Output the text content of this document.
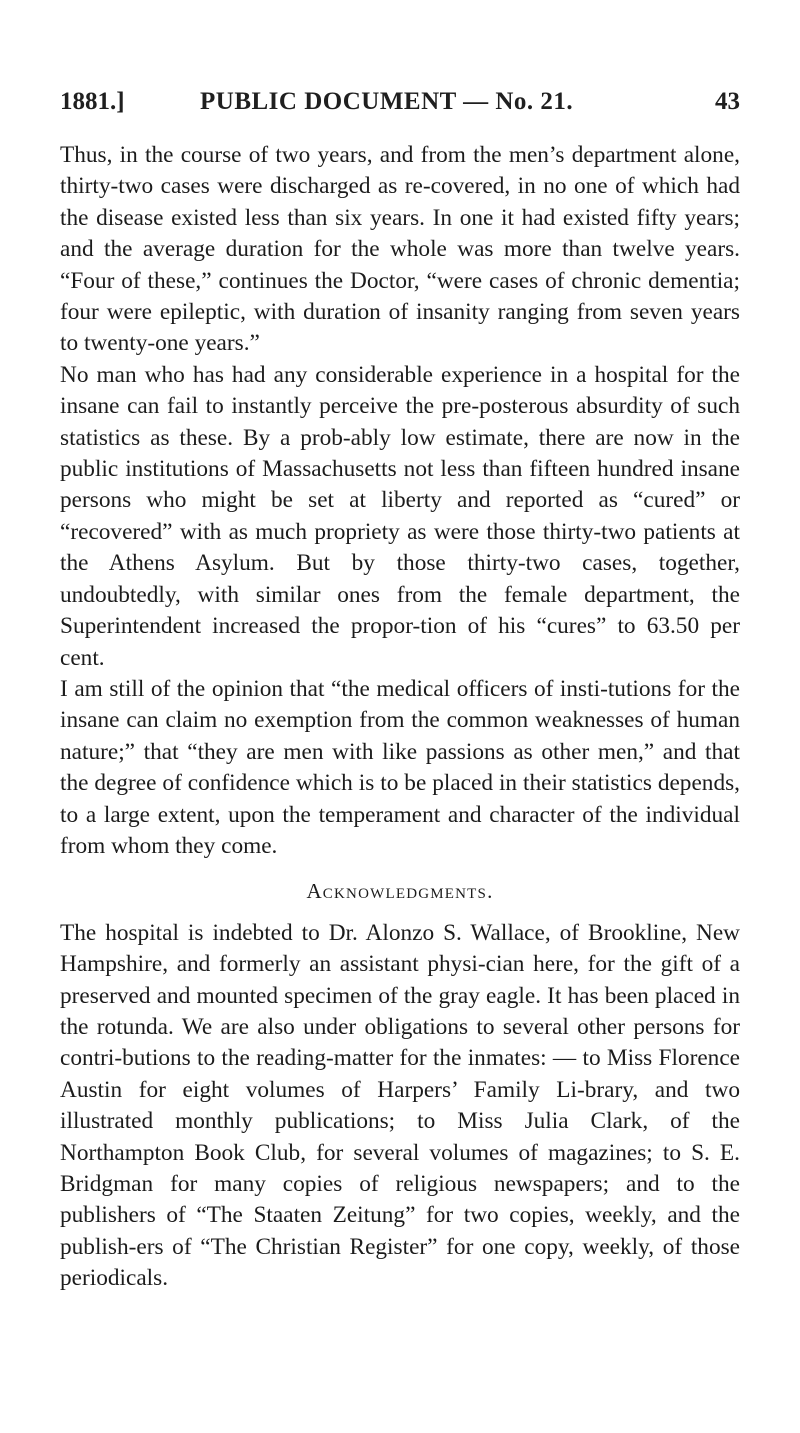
1881.]	PUBLIC DOCUMENT — No. 21.	43

Thus, in the course of two years, and from the men’s department alone, thirty-two cases were discharged as re-covered, in no one of which had the disease existed less than six years. In one it had existed fifty years; and the average duration for the whole was more than twelve years. “Four of these,” continues the Doctor, “were cases of chronic dementia; four were epileptic, with duration of insanity ranging from seven years to twenty-one years.”

No man who has had any considerable experience in a hospital for the insane can fail to instantly perceive the pre-posterous absurdity of such statistics as these. By a prob-ably low estimate, there are now in the public institutions of Massachusetts not less than fifteen hundred insane persons who might be set at liberty and reported as “cured” or “recovered” with as much propriety as were those thirty-two patients at the Athens Asylum. But by those thirty-two cases, together, undoubtedly, with similar ones from the female department, the Superintendent increased the propor-tion of his “cures” to 63.50 per cent.

I am still of the opinion that “the medical officers of insti-tutions for the insane can claim no exemption from the common weaknesses of human nature;” that “they are men with like passions as other men,” and that the degree of confidence which is to be placed in their statistics depends, to a large extent, upon the temperament and character of the individual from whom they come.

Acknowledgments.

The hospital is indebted to Dr. Alonzo S. Wallace, of Brookline, New Hampshire, and formerly an assistant physi-cian here, for the gift of a preserved and mounted specimen of the gray eagle. It has been placed in the rotunda. We are also under obligations to several other persons for contri-butions to the reading-matter for the inmates: — to Miss Florence Austin for eight volumes of Harpers’ Family Li-brary, and two illustrated monthly publications; to Miss Julia Clark, of the Northampton Book Club, for several volumes of magazines; to S. E. Bridgman for many copies of religious newspapers; and to the publishers of “The Staaten Zeitung” for two copies, weekly, and the publish-ers of “The Christian Register” for one copy, weekly, of those periodicals.
